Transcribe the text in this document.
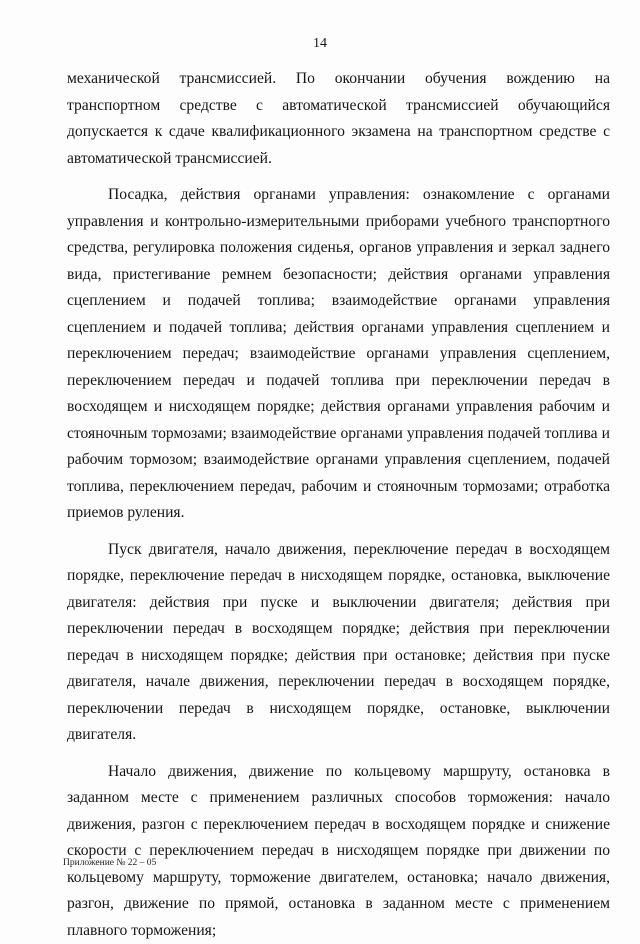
14

механической трансмиссией. По окончании обучения вождению на транспортном средстве с автоматической трансмиссией обучающийся допускается к сдаче квалификационного экзамена на транспортном средстве с автоматической трансмиссией.

Посадка, действия органами управления: ознакомление с органами управления и контрольно-измерительными приборами учебного транспортного средства, регулировка положения сиденья, органов управления и зеркал заднего вида, пристегивание ремнем безопасности; действия органами управления сцеплением и подачей топлива; взаимодействие органами управления сцеплением и подачей топлива; действия органами управления сцеплением и переключением передач; взаимодействие органами управления сцеплением, переключением передач и подачей топлива при переключении передач в восходящем и нисходящем порядке; действия органами управления рабочим и стояночным тормозами; взаимодействие органами управления подачей топлива и рабочим тормозом; взаимодействие органами управления сцеплением, подачей топлива, переключением передач, рабочим и стояночным тормозами; отработка приемов руления.

Пуск двигателя, начало движения, переключение передач в восходящем порядке, переключение передач в нисходящем порядке, остановка, выключение двигателя: действия при пуске и выключении двигателя; действия при переключении передач в восходящем порядке; действия при переключении передач в нисходящем порядке; действия при остановке; действия при пуске двигателя, начале движения, переключении передач в восходящем порядке, переключении передач в нисходящем порядке, остановке, выключении двигателя.

Начало движения, движение по кольцевому маршруту, остановка в заданном месте с применением различных способов торможения: начало движения, разгон с переключением передач в восходящем порядке и снижение скорости с переключением передач в нисходящем порядке при движении по кольцевому маршруту, торможение двигателем, остановка; начало движения, разгон, движение по прямой, остановка в заданном месте с применением плавного торможения;

Приложение № 22 – 05
